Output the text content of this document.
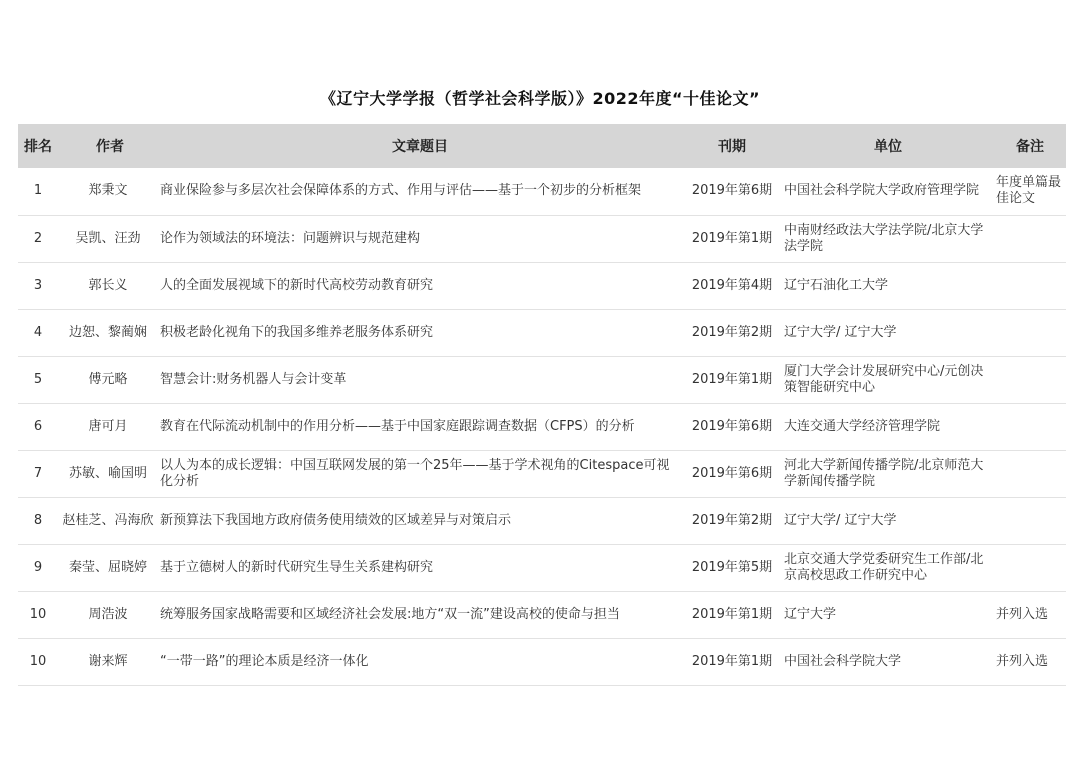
《辽宁大学学报（哲学社会科学版）》2022年度“十佳论文”
排名	作者	文章题目	刊期	单位	备注
1	郑秉文	商业保险参与多层次社会保障体系的方式、作用与评估——基于一个初步的分析框架	2019年第6期	中国社会科学院大学政府管理学院	年度单篇最佳论文
2	吴凯、汪劲	论作为领域法的环境法：问题辨识与规范建构	2019年第1期	中南财经政法大学法学院/北京大学法学院	
3	郭长义	人的全面发展视域下的新时代高校劳动教育研究	2019年第4期	辽宁石油化工大学	
4	边恕、黎蔺娴	积极老龄化视角下的我国多维养老服务体系研究	2019年第2期	辽宁大学/ 辽宁大学	
5	傅元略	智慧会计:财务机器人与会计变革	2019年第1期	厦门大学会计发展研究中心/元创决策智能研究中心	
6	唐可月	教育在代际流动机制中的作用分析——基于中国家庭跟踪调查数据（CFPS）的分析	2019年第6期	大连交通大学经济管理学院	
7	苏敏、喻国明	以人为本的成长逻辑：中国互联网发展的第一个25年——基于学术视角的Citespace可视化分析	2019年第6期	河北大学新闻传播学院/北京师范大学新闻传播学院	
8	赵桂芝、冯海欣	新预算法下我国地方政府债务使用绩效的区域差异与对策启示	2019年第2期	辽宁大学/ 辽宁大学	
9	秦莹、屈晓婷	基于立德树人的新时代研究生导生关系建构研究	2019年第5期	北京交通大学党委研究生工作部/北京高校思政工作研究中心	
10	周浩波	统筹服务国家战略需要和区域经济社会发展:地方“双一流”建设高校的使命与担当	2019年第1期	辽宁大学	并列入选
10	谢来辉	“一带一路”的理论本质是经济一体化	2019年第1期	中国社会科学院大学	并列入选
